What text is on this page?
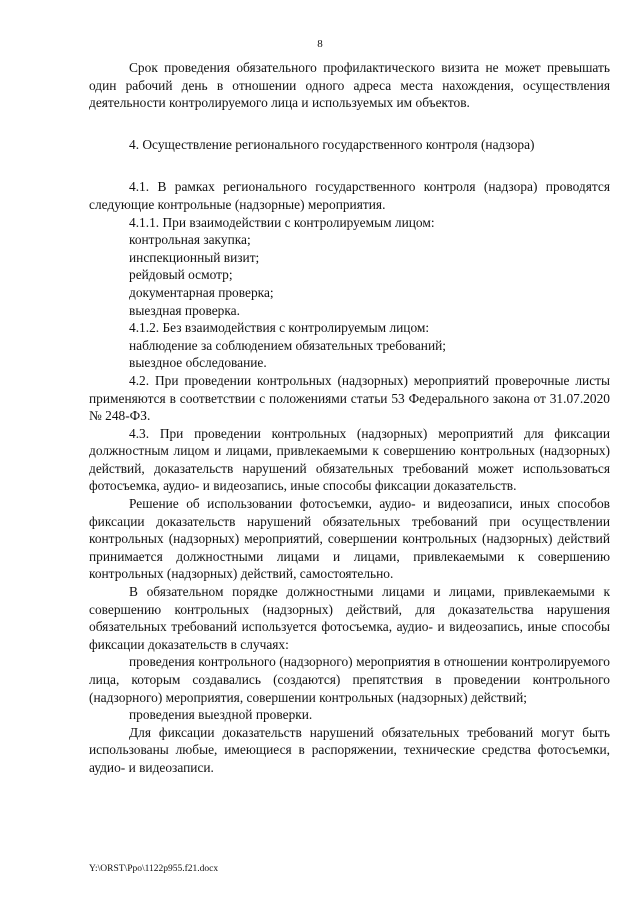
8

Срок проведения обязательного профилактического визита не может превышать один рабочий день в отношении одного адреса места нахождения, осуществления деятельности контролируемого лица и используемых им объектов.

4. Осуществление регионального государственного контроля (надзора)

4.1. В рамках регионального государственного контроля (надзора) проводятся следующие контрольные (надзорные) мероприятия.

4.1.1. При взаимодействии с контролируемым лицом:

контрольная закупка;

инспекционный визит;

рейдовый осмотр;

документарная проверка;

выездная проверка.

4.1.2. Без взаимодействия с контролируемым лицом:

наблюдение за соблюдением обязательных требований;

выездное обследование.

4.2. При проведении контрольных (надзорных) мероприятий проверочные листы применяются в соответствии с положениями статьи 53 Федерального закона от 31.07.2020 № 248-ФЗ.

4.3. При проведении контрольных (надзорных) мероприятий для фиксации должностным лицом и лицами, привлекаемыми к совершению контрольных (надзорных) действий, доказательств нарушений обязательных требований может использоваться фотосъемка, аудио- и видеозапись, иные способы фиксации доказательств.

Решение об использовании фотосъемки, аудио- и видеозаписи, иных способов фиксации доказательств нарушений обязательных требований при осуществлении контрольных (надзорных) мероприятий, совершении контрольных (надзорных) действий принимается должностными лицами и лицами, привлекаемыми к совершению контрольных (надзорных) действий, самостоятельно.

В обязательном порядке должностными лицами и лицами, привлекаемыми к совершению контрольных (надзорных) действий, для доказательства нарушения обязательных требований используется фотосъемка, аудио- и видеозапись, иные способы фиксации доказательств в случаях:

проведения контрольного (надзорного) мероприятия в отношении контролируемого лица, которым создавались (создаются) препятствия в проведении контрольного (надзорного) мероприятия, совершении контрольных (надзорных) действий;

проведения выездной проверки.

Для фиксации доказательств нарушений обязательных требований могут быть использованы любые, имеющиеся в распоряжении, технические средства фотосъемки, аудио- и видеозаписи.

Y:\ORST\Ppo\1122p955.f21.docx
